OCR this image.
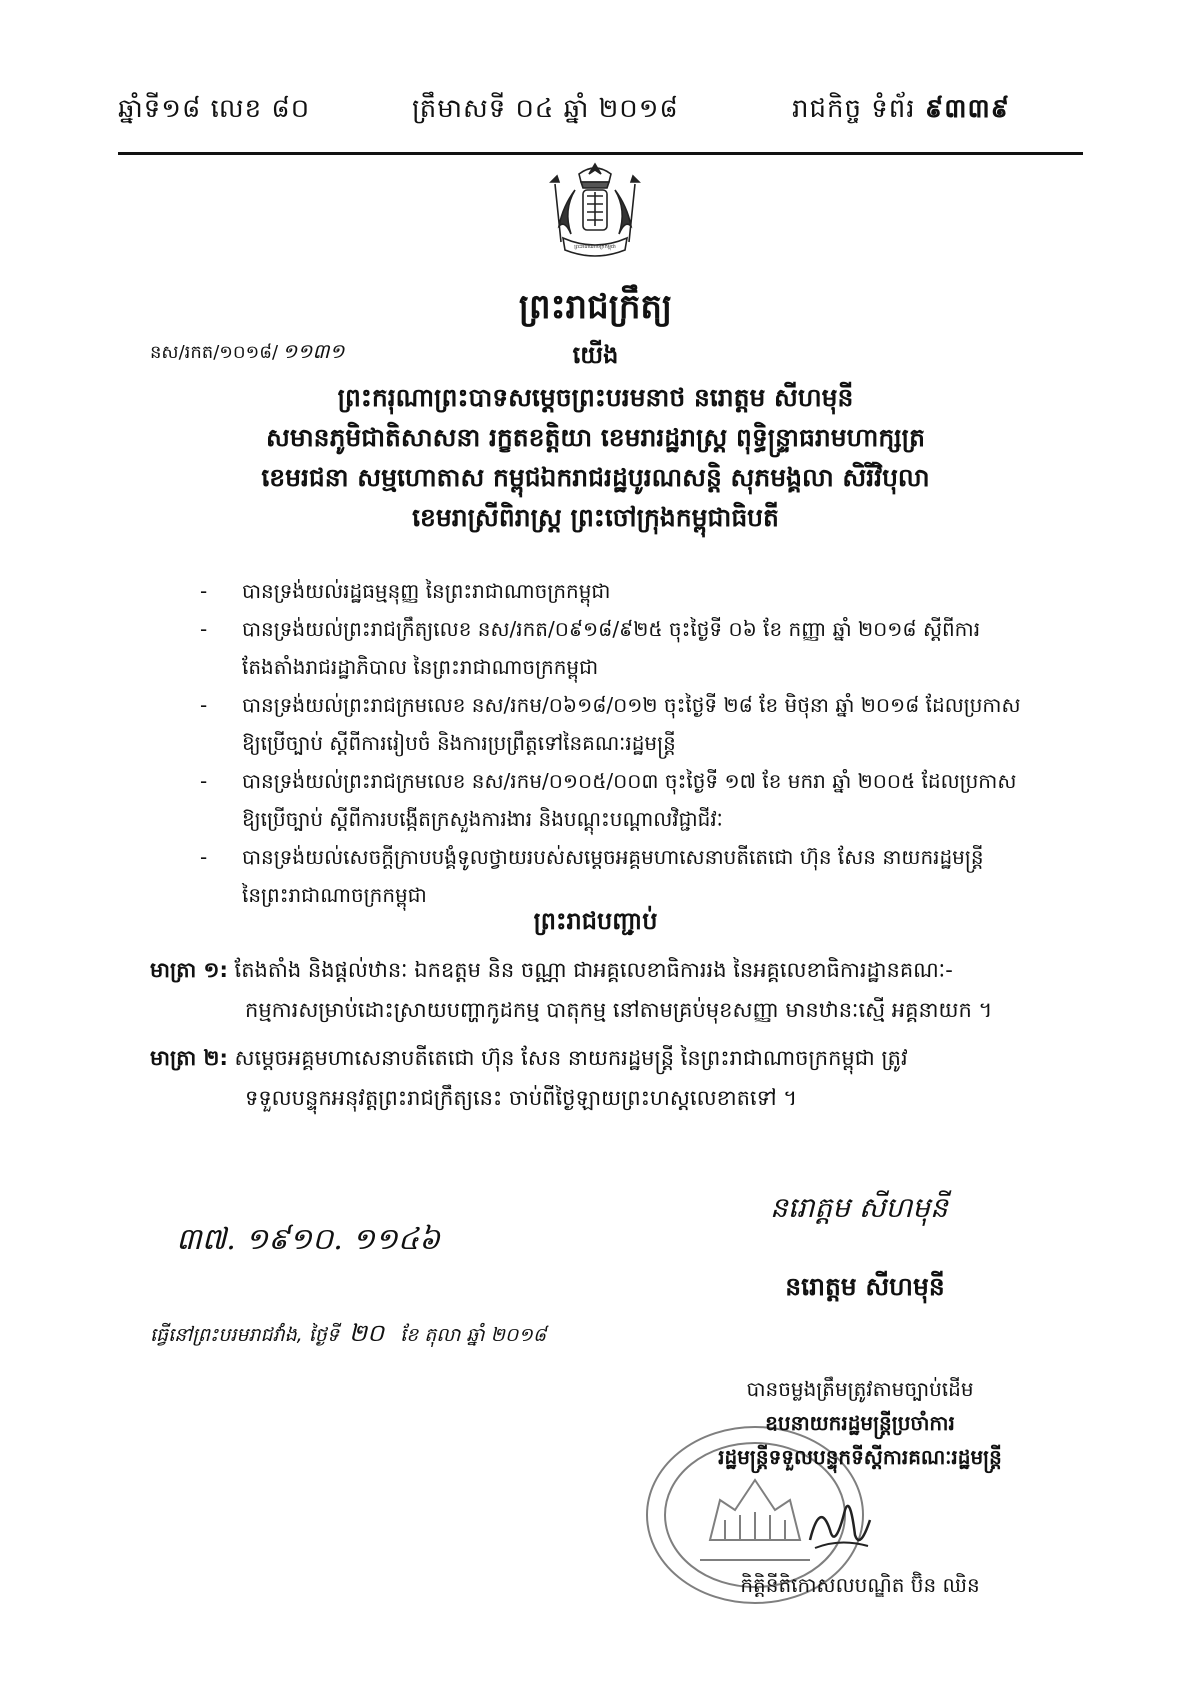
ឆ្នាំទី១៨ លេខ ៨០	ត្រឹមាសទី ០៤ ឆ្នាំ ២០១៨	រាជកិច្ច ទំព័រ ៩៣៣៩
ព្រះរាជាណាចក្រកម្ពុជា
ព្រះរាជក្រឹត្យ
នស/រកត/១០១៨/ ១១៣១	យើង
ព្រះករុណាព្រះបាទសម្តេចព្រះបរមនាថ នរោត្តម សីហមុនី
សមានភូមិជាតិសាសនា រក្ខតខត្តិយា ខេមរារដ្ឋរាស្ត្រ ពុទ្ធិន្ទ្រាធរាមហាក្សត្រ
ខេមរជនា សម្មហោតាស កម្ពុជឯករាជរដ្ឋបូរណសន្តិ សុភមង្គលា សិរីវិបុលា
ខេមរាស្រីពិរាស្ត្រ ព្រះចៅក្រុងកម្ពុជាធិបតី
- បានទ្រង់យល់រដ្ឋធម្មនុញ្ញ នៃព្រះរាជាណាចក្រកម្ពុជា
- បានទ្រង់យល់ព្រះរាជក្រឹត្យលេខ នស/រកត/០៩១៨/៩២៥ ចុះថ្ងៃទី ០៦ ខែ កញ្ញា ឆ្នាំ ២០១៨ ស្តីពីការ
តែងតាំងរាជរដ្ឋាភិបាល នៃព្រះរាជាណាចក្រកម្ពុជា
- បានទ្រង់យល់ព្រះរាជក្រមលេខ នស/រកម/០៦១៨/០១២ ចុះថ្ងៃទី ២៨ ខែ មិថុនា ឆ្នាំ ២០១៨ ដែលប្រកាស
ឱ្យប្រើច្បាប់ ស្តីពីការរៀបចំ និងការប្រព្រឹត្តទៅនៃគណៈរដ្ឋមន្ត្រី
- បានទ្រង់យល់ព្រះរាជក្រមលេខ នស/រកម/០១០៥/០០៣ ចុះថ្ងៃទី ១៧ ខែ មករា ឆ្នាំ ២០០៥ ដែលប្រកាស
ឱ្យប្រើច្បាប់ ស្តីពីការបង្កើតក្រសួងការងារ និងបណ្តុះបណ្តាលវិជ្ជាជីវៈ
- បានទ្រង់យល់សេចក្តីក្រាបបង្គំទូលថ្វាយរបស់សម្តេចអគ្គមហាសេនាបតីតេជោ ហ៊ុន សែន នាយករដ្ឋមន្ត្រី
នៃព្រះរាជាណាចក្រកម្ពុជា
ព្រះរាជបញ្ជាប់
មាត្រា ១: តែងតាំង និងផ្តល់ឋានៈ ឯកឧត្តម និន ចណ្ណា ជាអគ្គលេខាធិការរង នៃអគ្គលេខាធិការដ្ឋានគណៈ-
កម្មការសម្រាប់ដោះស្រាយបញ្ហាកូដកម្ម បាតុកម្ម នៅតាមគ្រប់មុខសញ្ញា មានឋានៈស្មើ អគ្គនាយក ។
មាត្រា ២: សម្តេចអគ្គមហាសេនាបតីតេជោ ហ៊ុន សែន នាយករដ្ឋមន្ត្រី នៃព្រះរាជាណាចក្រកម្ពុជា ត្រូវ
ទទួលបន្ទុកអនុវត្តព្រះរាជក្រឹត្យនេះ ចាប់ពីថ្ងៃឡាយព្រះហស្តលេខាតទៅ ។
៣៧. ១៩១០. ១១៤៦
នរោត្តម សីហមុនី
នរោត្តម សីហមុនី
ធ្វើនៅព្រះបរមរាជវាំង, ថ្ងៃទី ២០ ខែ តុលា ឆ្នាំ ២០១៨
បានចម្លងត្រឹមត្រូវតាមច្បាប់ដើម
ឧបនាយករដ្ឋមន្ត្រីប្រចាំការ
រដ្ឋមន្ត្រីទទួលបន្ទុកទីស្តីការគណៈរដ្ឋមន្ត្រី
កិត្តិនីតិកោសលបណ្ឌិត ប៊ិន ឈិន
